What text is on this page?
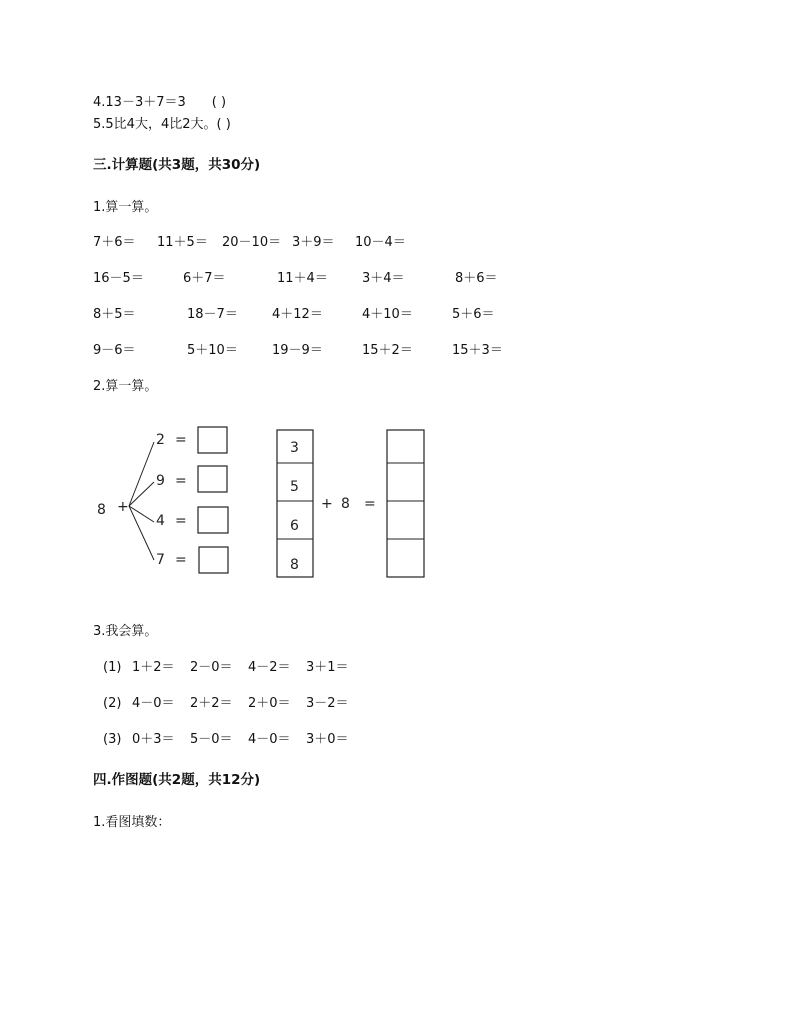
4.13－3＋7＝3　　( )
5.5比4大，4比2大。( )
三.计算题(共3题，共30分)
1.算一算。
7＋6＝ 11＋5＝ 20－10＝ 3＋9＝ 10－4＝
16－5＝	6＋7＝	11＋4＝	3＋4＝	8＋6＝
8＋5＝	18－7＝	4＋12＝	4＋10＝	5＋6＝
9－6＝	5＋10＝	19－9＝	15＋2＝	15＋3＝
2.算一算。
8 +
2 =
9 =
4 =
7 =
3
5
6
8
+ 8 =
3.我会算。
(1) 1＋2＝ 2－0＝ 4－2＝ 3＋1＝
(2) 4－0＝ 2＋2＝ 2＋0＝ 3－2＝
(3) 0＋3＝ 5－0＝ 4－0＝ 3＋0＝
四.作图题(共2题，共12分)
1.看图填数：
